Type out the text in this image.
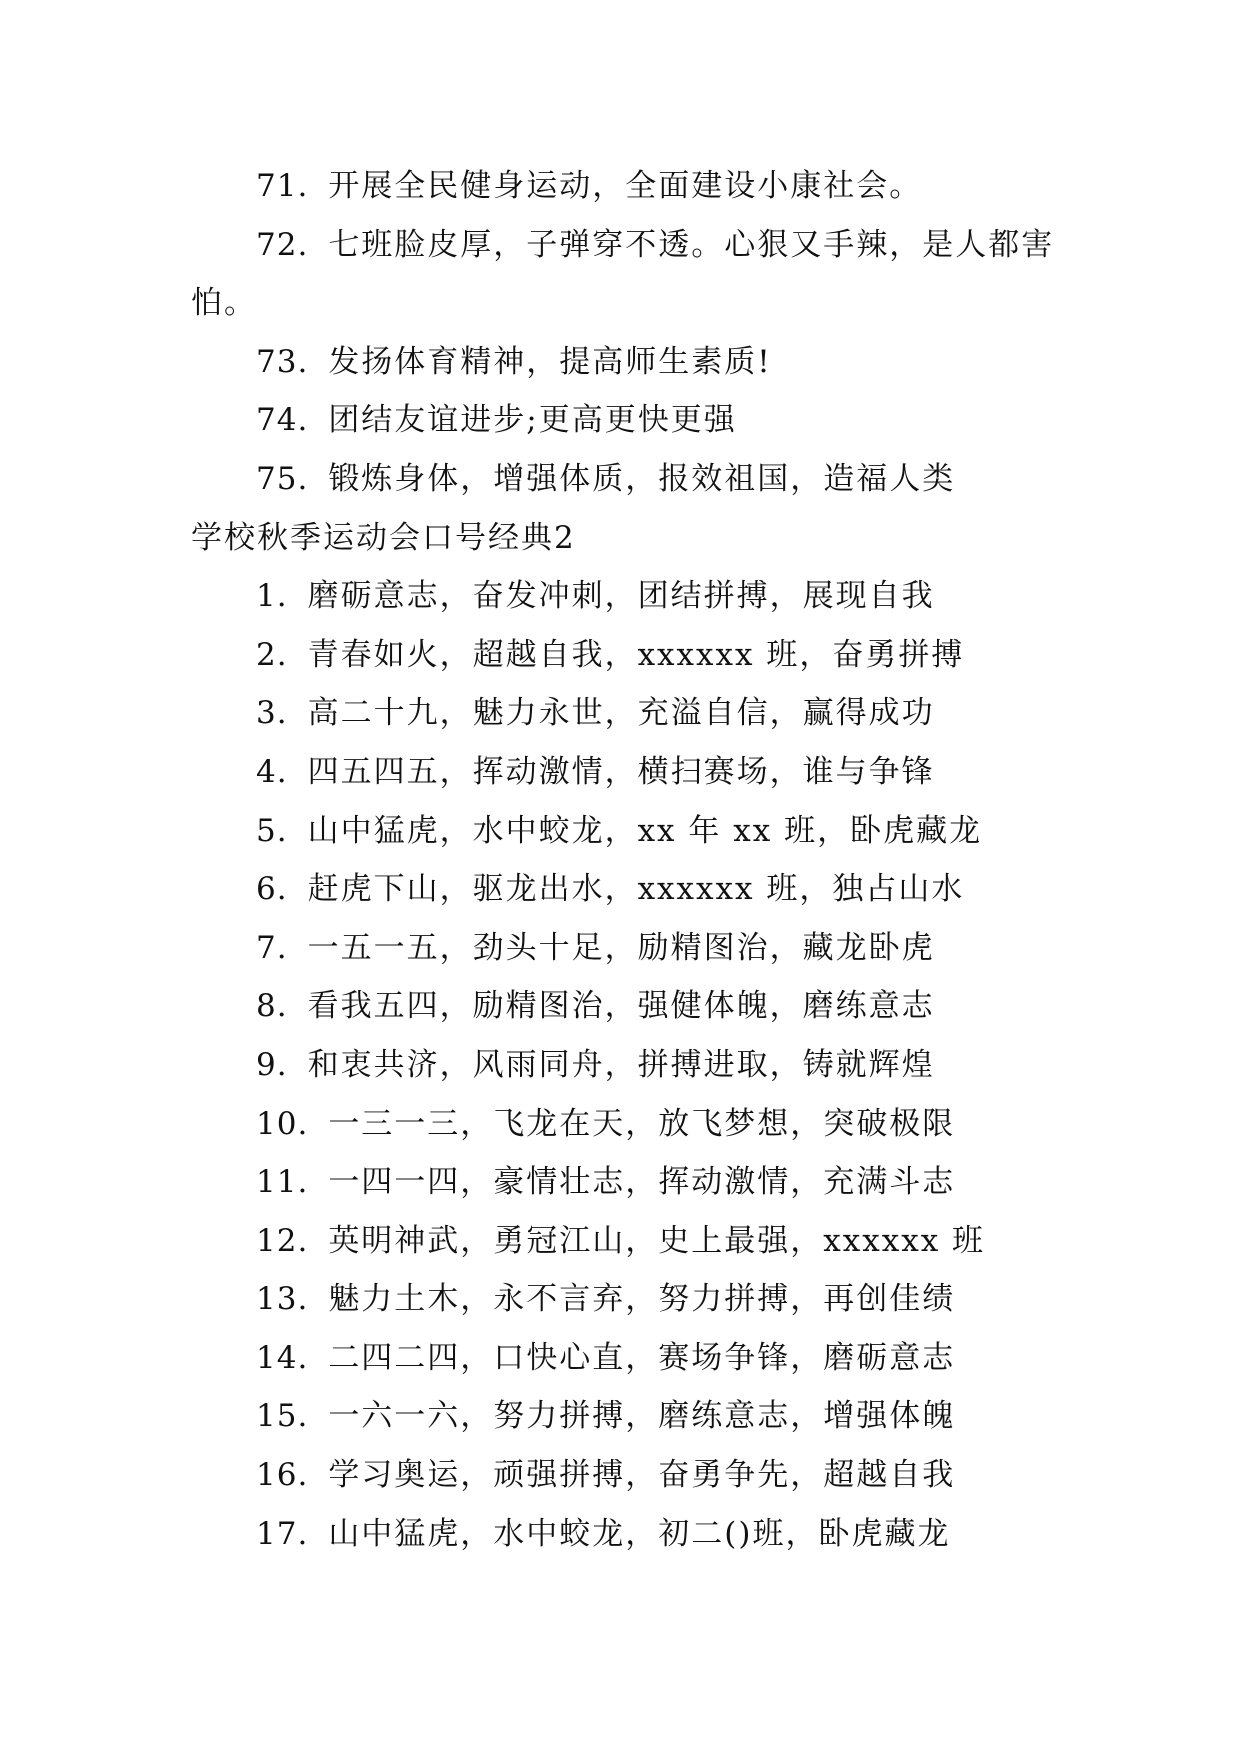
71. 开展全民健身运动，全面建设小康社会。

72. 七班脸皮厚，子弹穿不透。心狠又手辣，是人都害

怕。

73. 发扬体育精神，提高师生素质!

74. 团结友谊进步;更高更快更强

75. 锻炼身体，增强体质，报效祖国，造福人类

学校秋季运动会口号经典2

1. 磨砺意志，奋发冲刺，团结拼搏，展现自我

2. 青春如火，超越自我，xxxxxx 班，奋勇拼搏

3. 高二十九，魅力永世，充溢自信，赢得成功

4. 四五四五，挥动激情，横扫赛场，谁与争锋

5. 山中猛虎，水中蛟龙，xx 年 xx 班，卧虎藏龙

6. 赶虎下山，驱龙出水，xxxxxx 班，独占山水

7. 一五一五，劲头十足，励精图治，藏龙卧虎

8. 看我五四，励精图治，强健体魄，磨练意志

9. 和衷共济，风雨同舟，拼搏进取，铸就辉煌

10. 一三一三，飞龙在天，放飞梦想，突破极限

11. 一四一四，豪情壮志，挥动激情，充满斗志

12. 英明神武，勇冠江山，史上最强，xxxxxx 班

13. 魅力土木，永不言弃，努力拼搏，再创佳绩

14. 二四二四，口快心直，赛场争锋，磨砺意志

15. 一六一六，努力拼搏，磨练意志，增强体魄

16. 学习奥运，顽强拼搏，奋勇争先，超越自我

17. 山中猛虎，水中蛟龙，初二()班，卧虎藏龙
